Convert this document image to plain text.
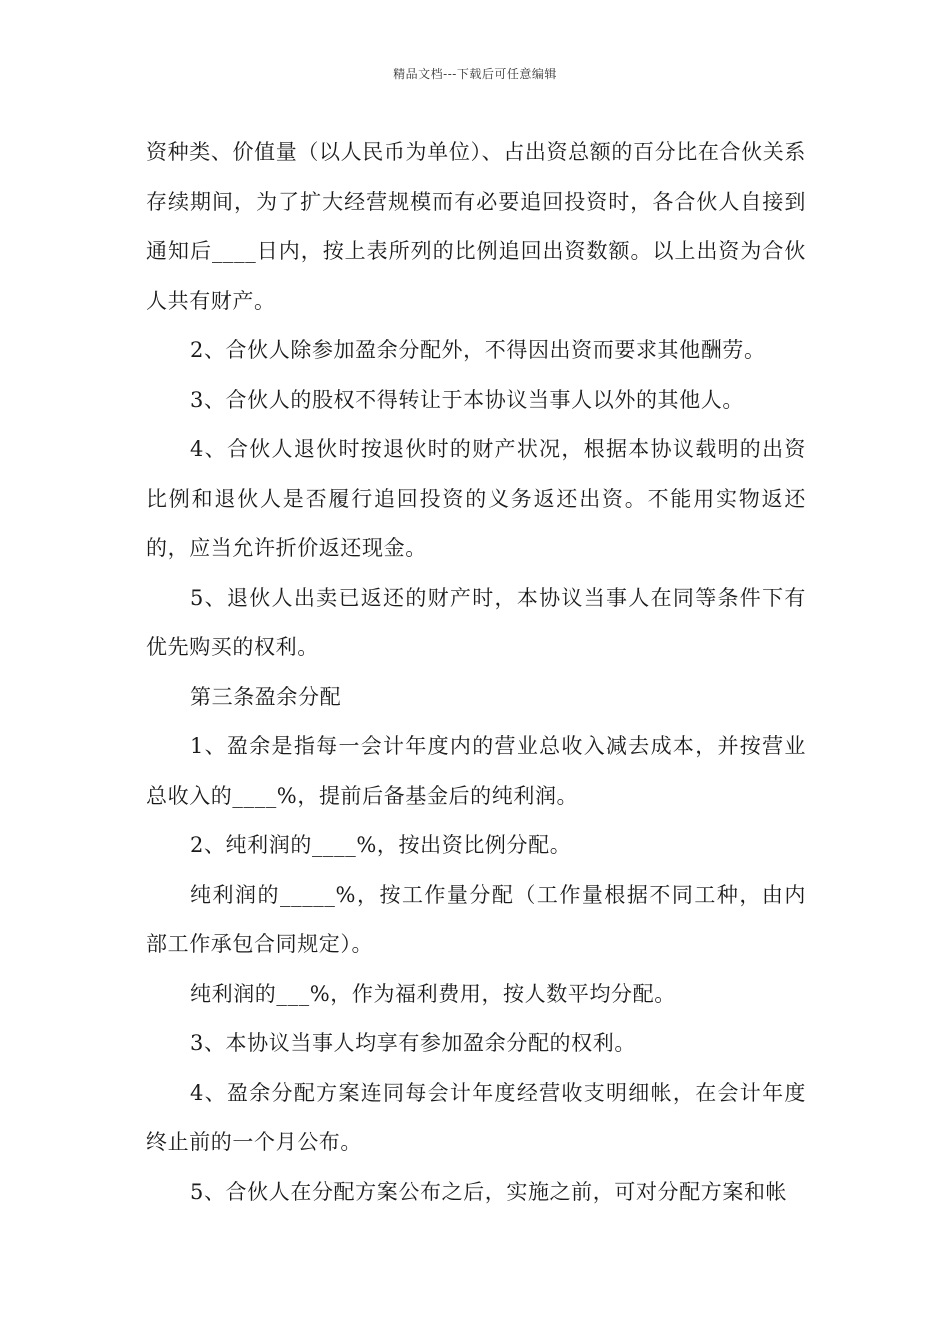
精品文档---下载后可任意编辑

资种类、价值量（以人民币为单位）、占出资总额的百分比在合伙关系存续期间，为了扩大经营规模而有必要追回投资时，各合伙人自接到通知后____日内，按上表所列的比例追回出资数额。以上出资为合伙人共有财产。

2、合伙人除参加盈余分配外，不得因出资而要求其他酬劳。

3、合伙人的股权不得转让于本协议当事人以外的其他人。

4、合伙人退伙时按退伙时的财产状况，根据本协议载明的出资比例和退伙人是否履行追回投资的义务返还出资。不能用实物返还的，应当允许折价返还现金。

5、退伙人出卖已返还的财产时，本协议当事人在同等条件下有优先购买的权利。

第三条盈余分配

1、盈余是指每一会计年度内的营业总收入减去成本，并按营业总收入的____%，提前后备基金后的纯利润。

2、纯利润的____%，按出资比例分配。

纯利润的_____%，按工作量分配（工作量根据不同工种，由内部工作承包合同规定）。

纯利润的___%，作为福利费用，按人数平均分配。

3、本协议当事人均享有参加盈余分配的权利。

4、盈余分配方案连同每会计年度经营收支明细帐，在会计年度终止前的一个月公布。

5、合伙人在分配方案公布之后，实施之前，可对分配方案和帐
